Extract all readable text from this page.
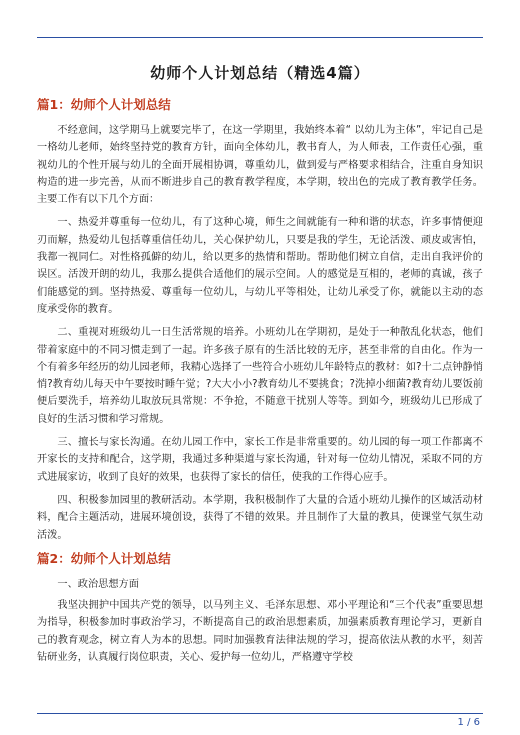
幼师个人计划总结（精选4篇）
篇1：幼师个人计划总结

不经意间，这学期马上就要完毕了，在这一学期里，我始终本着“ 以幼儿为主体”，牢记自己是一格幼儿老师，始终坚持党的教育方针，面向全体幼儿，教书育人，为人师表，工作责任心强，重视幼儿的个性开展与幼儿的全面开展相协调，尊重幼儿，做到爱与严格要求相结合，注重自身知识构造的进一步完善，从而不断进步自己的教育教学程度，本学期，较出色的完成了教育教学任务。主要工作有以下几个方面：

一、热爱并尊重每一位幼儿，有了这种心境，师生之间就能有一种和谐的状态，许多事情便迎刃而解，热爱幼儿包括尊重信任幼儿，关心保护幼儿，只要是我的学生，无论活泼、顽皮或害怕，我都一视同仁。对性格孤僻的幼儿，给以更多的热情和帮助。帮助他们树立自信，走出自我评价的误区。活泼开朗的幼儿，我那么提供合适他们的展示空间。人的感觉是互相的，老师的真诚，孩子们能感觉的到。坚持热爱、尊重每一位幼儿，与幼儿平等相处，让幼儿承受了你，就能以主动的态度承受你的教育。

二、重视对班级幼儿一日生活常规的培养。小班幼儿在学期初，是处于一种散乱化状态，他们带着家庭中的不同习惯走到了一起。许多孩子原有的生活比较的无序，甚至非常的自由化。作为一个有着多年经历的幼儿园老师，我精心选择了一些符合小班幼儿年龄特点的教材：如?十二点钟静悄悄?教育幼儿每天中午要按时睡午觉；?大大小小?教育幼儿不要挑食；?洗掉小细菌?教育幼儿要饭前便后要洗手，培养幼儿取放玩具常规：不争抢，不随意干扰别人等等。到如今，班级幼儿已形成了良好的生活习惯和学习常规。

三、擅长与家长沟通。在幼儿园工作中，家长工作是非常重要的。幼儿园的每一项工作都离不开家长的支持和配合，这学期，我通过多种渠道与家长沟通，针对每一位幼儿情况，采取不同的方式进展家访，收到了良好的效果，也获得了家长的信任，使我的工作得心应手。

四、积极参加园里的教研活动。本学期，我积极制作了大量的合适小班幼儿操作的区域活动材料，配合主题活动，进展环境创设，获得了不错的效果。并且制作了大量的教具，使课堂气氛生动活泼。

篇2：幼师个人计划总结

一、政治思想方面

我坚决拥护中国共产党的领导，以马列主义、毛泽东思想、邓小平理论和“三个代表”重要思想为指导，积极参加时事政治学习，不断提高自己的政治思想素质，加强素质教育理论学习，更新自己的教育观念，树立育人为本的思想。同时加强教育法律法规的学习，提高依法从教的水平，刻苦钻研业务，认真履行岗位职责，关心、爱护每一位幼儿，严格遵守学校

1 / 6
